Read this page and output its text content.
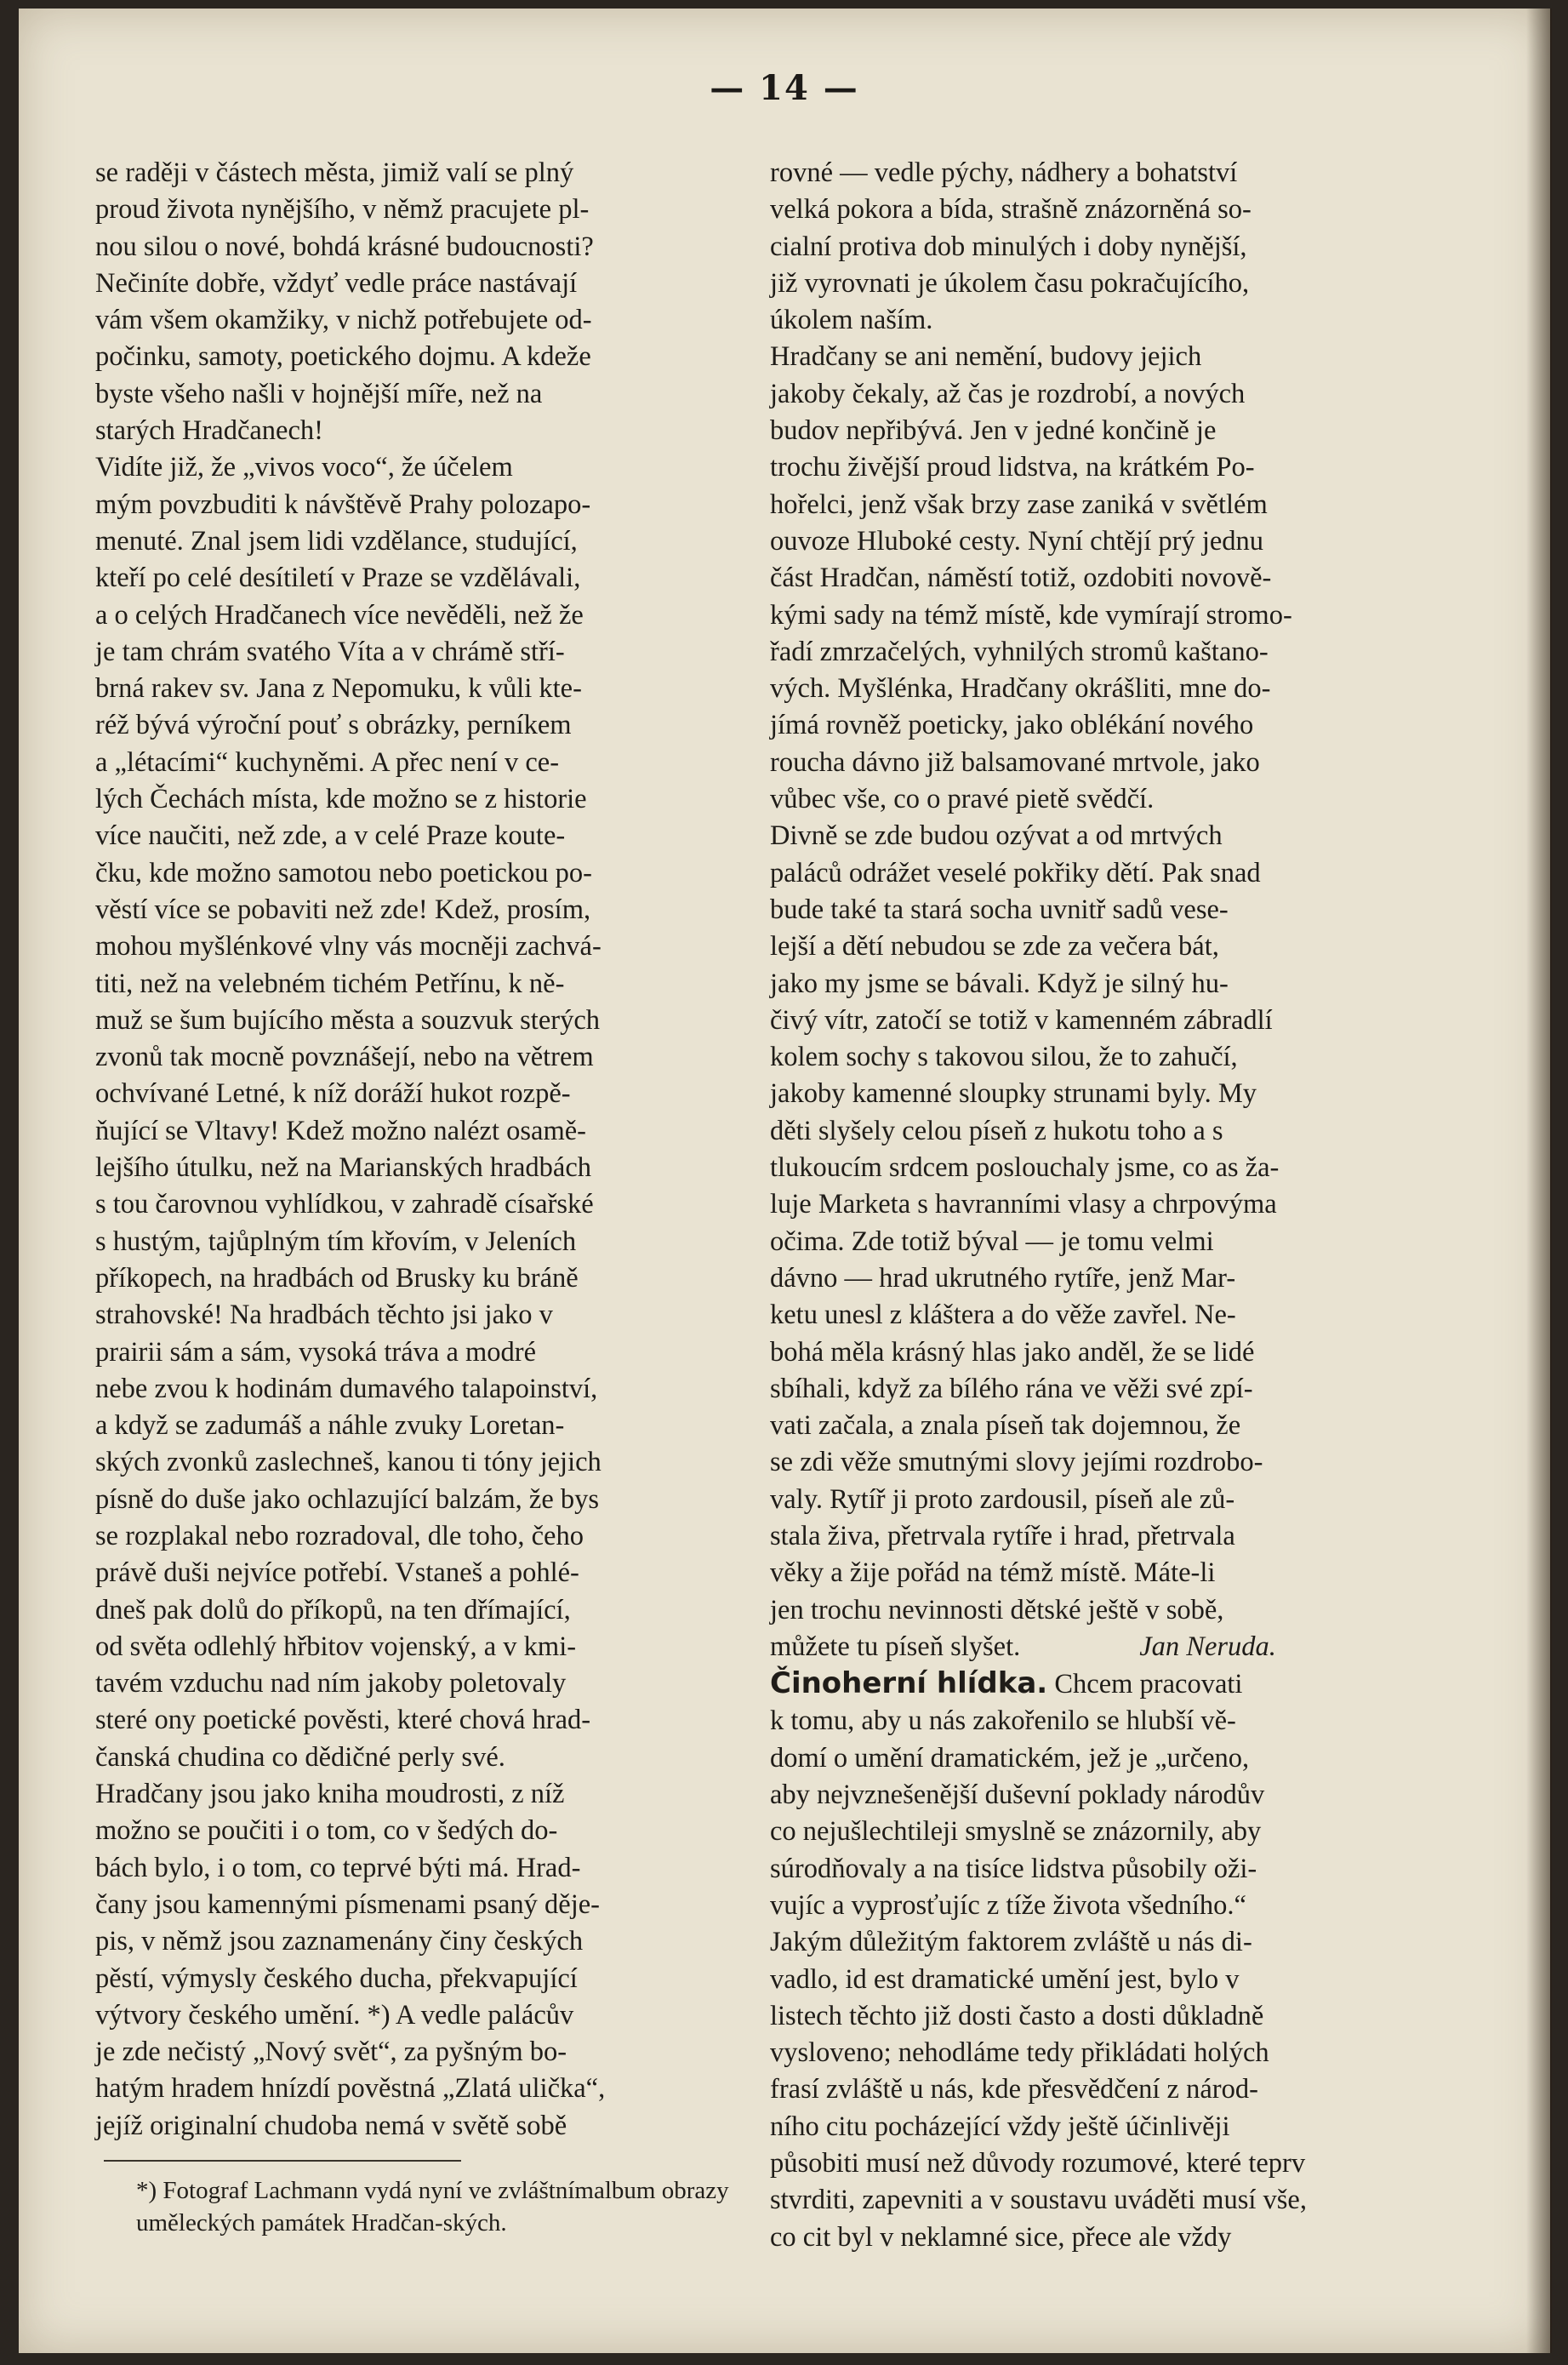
— 14 —
se raději v částech města, jimiž valí se plný
proud života nynějšího, v němž pracujete pl-
nou silou o nové, bohdá krásné budoucnosti?
Nečiníte dobře, vždyť vedle práce nastávají
vám všem okamžiky, v nichž potřebujete od-
počinku, samoty, poetického dojmu. A kdeže
byste všeho našli v hojnější míře, než na
starých Hradčanech!
Vidíte již, že „vivos voco“, že účelem
mým povzbuditi k návštěvě Prahy polozapo-
menuté. Znal jsem lidi vzdělance, studující,
kteří po celé desítiletí v Praze se vzdělávali,
a o celých Hradčanech více nevěděli, než že
je tam chrám svatého Víta a v chrámě stří-
brná rakev sv. Jana z Nepomuku, k vůli kte-
réž bývá výroční pouť s obrázky, perníkem
a „létacími“ kuchyněmi. A přec není v ce-
lých Čechách místa, kde možno se z historie
více naučiti, než zde, a v celé Praze koute-
čku, kde možno samotou nebo poetickou po-
věstí více se pobaviti než zde! Kdež, prosím,
mohou myšlénkové vlny vás mocněji zachvá-
titi, než na velebném tichém Petřínu, k ně-
muž se šum bujícího města a souzvuk sterých
zvonů tak mocně povznášejí, nebo na větrem
ochvívané Letné, k níž doráží hukot rozpě-
ňující se Vltavy! Kdež možno nalézt osamě-
lejšího útulku, než na Marianských hradbách
s tou čarovnou vyhlídkou, v zahradě císařské
s hustým, tajůplným tím křovím, v Jeleních
příkopech, na hradbách od Brusky ku bráně
strahovské! Na hradbách těchto jsi jako v
prairii sám a sám, vysoká tráva a modré
nebe zvou k hodinám dumavého talapoinství,
a když se zadumáš a náhle zvuky Loretan-
ských zvonků zaslechneš, kanou ti tóny jejich
písně do duše jako ochlazující balzám, že bys
se rozplakal nebo rozradoval, dle toho, čeho
právě duši nejvíce potřebí. Vstaneš a pohlé-
dneš pak dolů do příkopů, na ten dřímající,
od světa odlehlý hřbitov vojenský, a v kmi-
tavém vzduchu nad ním jakoby poletovaly
steré ony poetické pověsti, které chová hrad-
čanská chudina co dědičné perly své.
Hradčany jsou jako kniha moudrosti, z níž
možno se poučiti i o tom, co v šedých do-
bách bylo, i o tom, co teprvé býti má. Hrad-
čany jsou kamennými písmenami psaný děje-
pis, v němž jsou zaznamenány činy českých
pěstí, výmysly českého ducha, překvapující
výtvory českého umění. *) A vedle palácův
je zde nečistý „Nový svět“, za pyšným bo-
hatým hradem hnízdí pověstná „Zlatá ulička“,
jejíž originalní chudoba nemá v světě sobě
rovné — vedle pýchy, nádhery a bohatství
velká pokora a bída, strašně znázorněná so-
cialní protiva dob minulých i doby nynější,
již vyrovnati je úkolem času pokračujícího,
úkolem naším.
Hradčany se ani nemění, budovy jejich
jakoby čekaly, až čas je rozdrobí, a nových
budov nepřibývá. Jen v jedné končině je
trochu živější proud lidstva, na krátkém Po-
hořelci, jenž však brzy zase zaniká v světlém
ouvoze Hluboké cesty. Nyní chtějí prý jednu
část Hradčan, náměstí totiž, ozdobiti novově-
kými sady na témž místě, kde vymírají stromo-
řadí zmrzačelých, vyhnilých stromů kaštano-
vých. Myšlénka, Hradčany okrášliti, mne do-
jímá rovněž poeticky, jako oblékání nového
roucha dávno již balsamované mrtvole, jako
vůbec vše, co o pravé pietě svědčí.
Divně se zde budou ozývat a od mrtvých
paláců odrážet veselé pokřiky dětí. Pak snad
bude také ta stará socha uvnitř sadů vese-
lejší a dětí nebudou se zde za večera bát,
jako my jsme se bávali. Když je silný hu-
čivý vítr, zatočí se totiž v kamenném zábradlí
kolem sochy s takovou silou, že to zahučí,
jakoby kamenné sloupky strunami byly. My
děti slyšely celou píseň z hukotu toho a s
tlukoucím srdcem poslouchaly jsme, co as ža-
luje Marketa s havranními vlasy a chrpovýma
očima. Zde totiž býval — je tomu velmi
dávno — hrad ukrutného rytíře, jenž Mar-
ketu unesl z kláštera a do věže zavřel. Ne-
bohá měla krásný hlas jako anděl, že se lidé
sbíhali, když za bílého rána ve věži své zpí-
vati začala, a znala píseň tak dojemnou, že
se zdi věže smutnými slovy jejími rozdrobo-
valy. Rytíř ji proto zardousil, píseň ale zů-
stala živa, přetrvala rytíře i hrad, přetrvala
věky a žije pořád na témž místě. Máte-li
jen trochu nevinnosti dětské ještě v sobě,
můžete tu píseň slyšet.	Jan Neruda.
Činoherní hlídka. Chcem pracovati
k tomu, aby u nás zakořenilo se hlubší vě-
domí o umění dramatickém, jež je „určeno,
aby nejvznešenější duševní poklady národův
co nejušlechtileji smyslně se znázornily, aby
súrodňovaly a na tisíce lidstva působily oži-
vujíc a vyprosťujíc z tíže života všedního.“
Jakým důležitým faktorem zvláště u nás di-
vadlo, id est dramatické umění jest, bylo v
listech těchto již dosti často a dosti důkladně
vysloveno; nehodláme tedy přikládati holých
frasí zvláště u nás, kde přesvědčení z národ-
ního citu pocházející vždy ještě účinlivěji
působiti musí než důvody rozumové, které teprv
stvrditi, zapevniti a v soustavu uváděti musí vše,
co cit byl v neklamné sice, přece ale vždy
*) Fotograf Lachmann vydá nyní ve zvláštnímalbum obrazy uměleckých památek Hradčan-ských.
